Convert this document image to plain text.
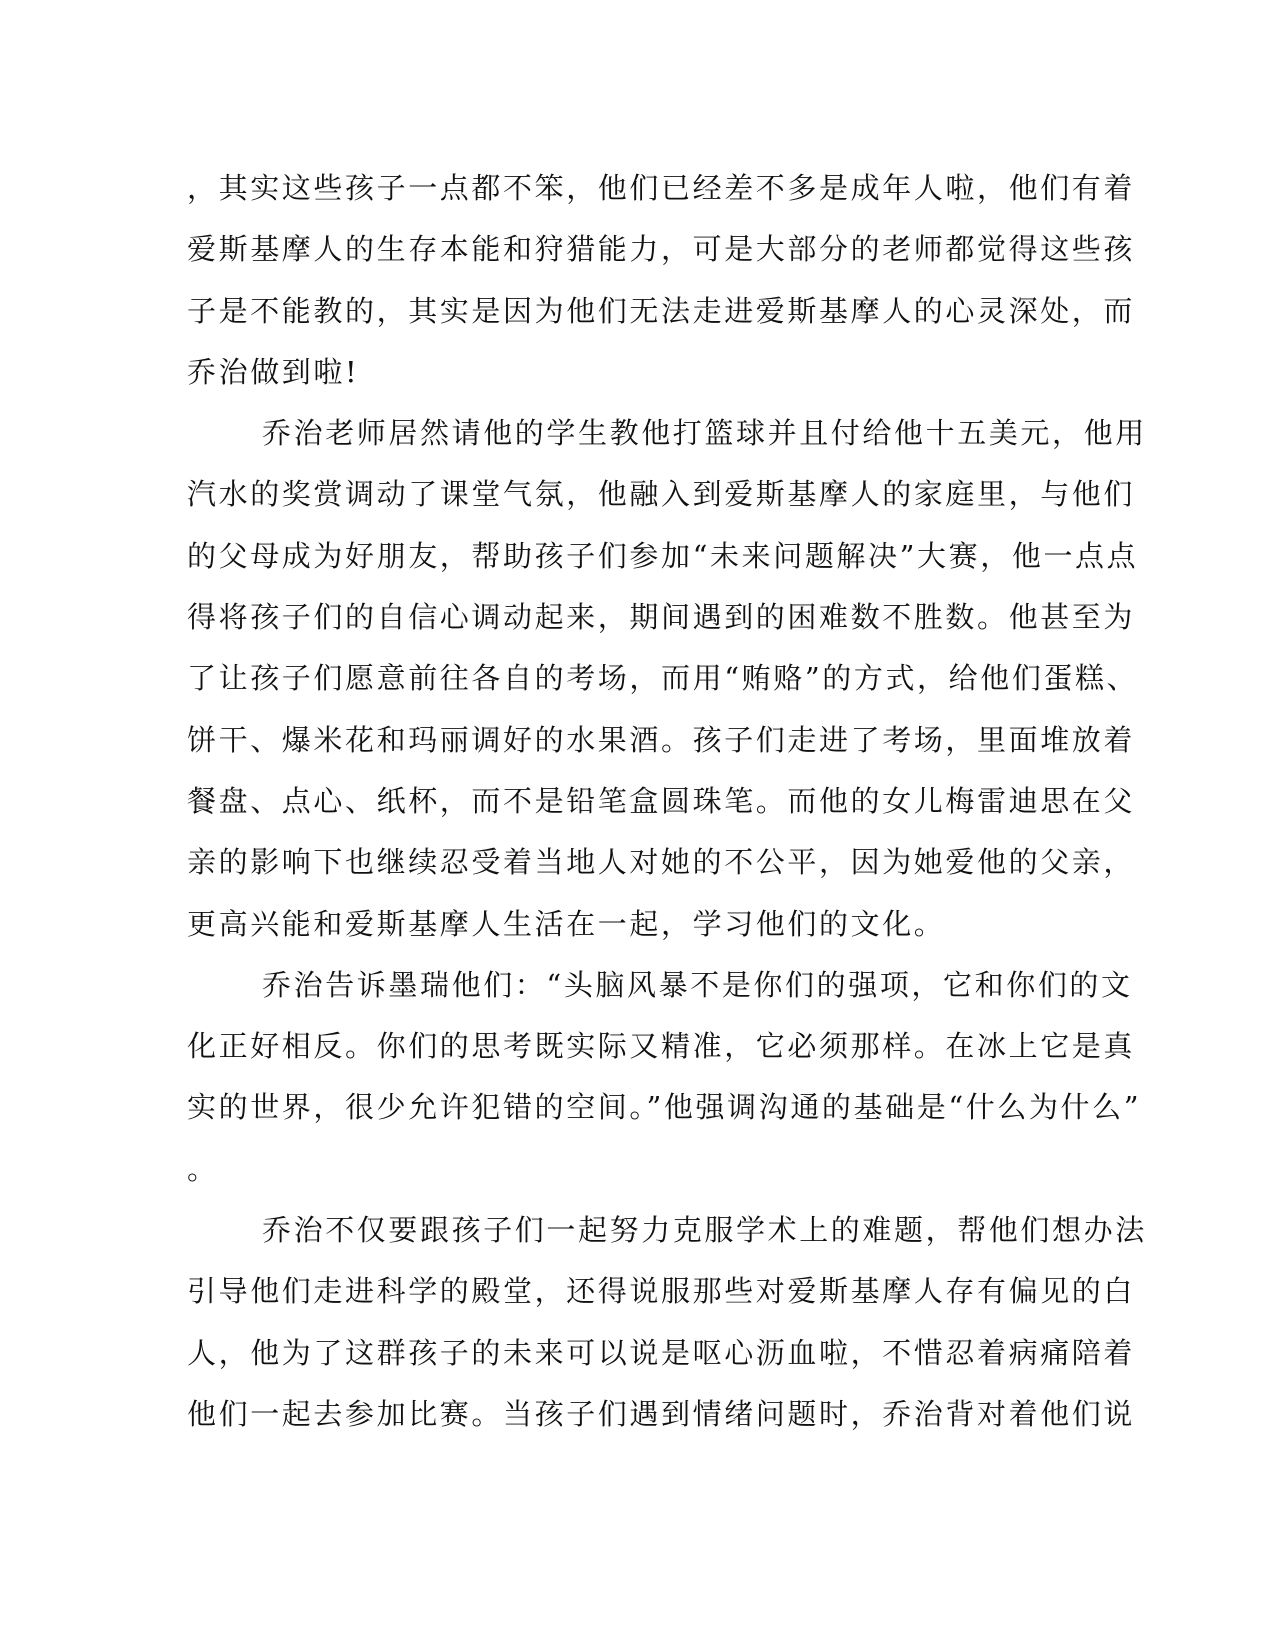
，其实这些孩子一点都不笨，他们已经差不多是成年人啦，他们有着
爱斯基摩人的生存本能和狩猎能力，可是大部分的老师都觉得这些孩
子是不能教的，其实是因为他们无法走进爱斯基摩人的心灵深处，而
乔治做到啦!
乔治老师居然请他的学生教他打篮球并且付给他十五美元，他用
汽水的奖赏调动了课堂气氛，他融入到爱斯基摩人的家庭里，与他们
的父母成为好朋友，帮助孩子们参加“未来问题解决”大赛，他一点点
得将孩子们的自信心调动起来，期间遇到的困难数不胜数。他甚至为
了让孩子们愿意前往各自的考场，而用“贿赂”的方式，给他们蛋糕、
饼干、爆米花和玛丽调好的水果酒。孩子们走进了考场，里面堆放着
餐盘、点心、纸杯，而不是铅笔盒圆珠笔。而他的女儿梅雷迪思在父
亲的影响下也继续忍受着当地人对她的不公平，因为她爱他的父亲，
更高兴能和爱斯基摩人生活在一起，学习他们的文化。
乔治告诉墨瑞他们：“头脑风暴不是你们的强项，它和你们的文
化正好相反。你们的思考既实际又精准，它必须那样。在冰上它是真
实的世界，很少允许犯错的空间。”他强调沟通的基础是“什么为什么”
。
乔治不仅要跟孩子们一起努力克服学术上的难题，帮他们想办法
引导他们走进科学的殿堂，还得说服那些对爱斯基摩人存有偏见的白
人，他为了这群孩子的未来可以说是呕心沥血啦，不惜忍着病痛陪着
他们一起去参加比赛。当孩子们遇到情绪问题时，乔治背对着他们说
